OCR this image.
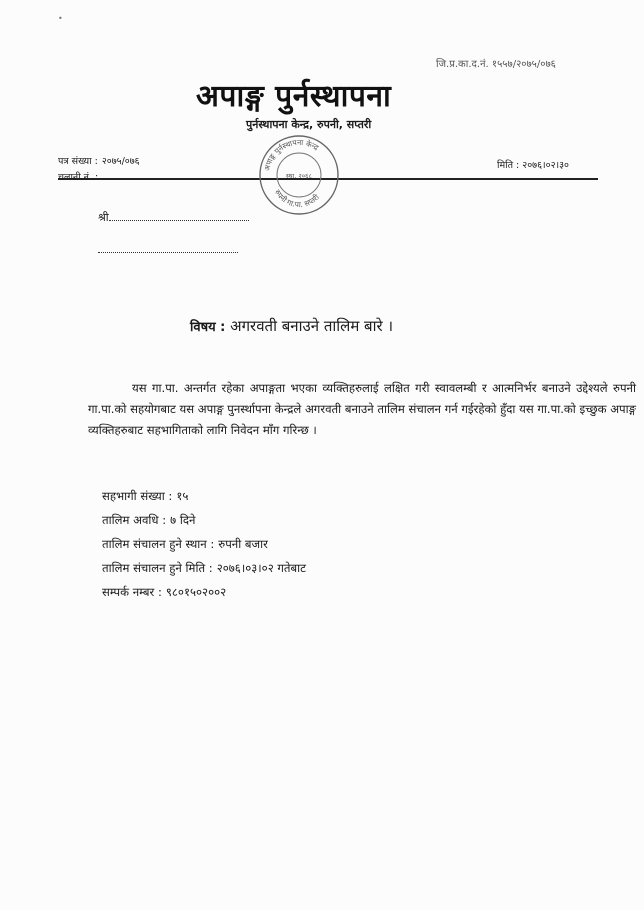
•
जि.प्र.का.द.नं. १५५७/२०७५/०७६
अपाङ्ग पुर्नस्थापना
पुर्नस्थापना केन्द्र, रुपनी, सप्तरी
पत्र संख्या : २०७५/०७६	मिति : २०७६।०२।३०
अपाङ्ग पुर्नस्थापना केन्द्र
रुपनी गा.पा. सप्तरी
स्था. २०६८
श्री
विषय : अगरवती बनाउने तालिम बारे ।
यस गा.पा. अन्तर्गत रहेका अपाङ्गता भएका व्यक्तिहरुलाई लक्षित गरी स्वावलम्बी र आत्मनिर्भर बनाउने उद्देश्यले रुपनी गा.पा.को सहयोगबाट यस अपाङ्ग पुनर्स्थापना केन्द्रले अगरवती बनाउने तालिम संचालन गर्न गईरहेको हुँदा यस गा.पा.को इच्छुक अपाङ्ग व्यक्तिहरुबाट सहभागिताको लागि निवेदन माँग गरिन्छ ।
सहभागी संख्या : १५
तालिम अवधि : ७ दिने
तालिम संचालन हुने स्थान : रुपनी बजार
तालिम संचालन हुने मिति : २०७६।०३।०२ गतेबाट
सम्पर्क नम्बर : ९८०१५०२००२
